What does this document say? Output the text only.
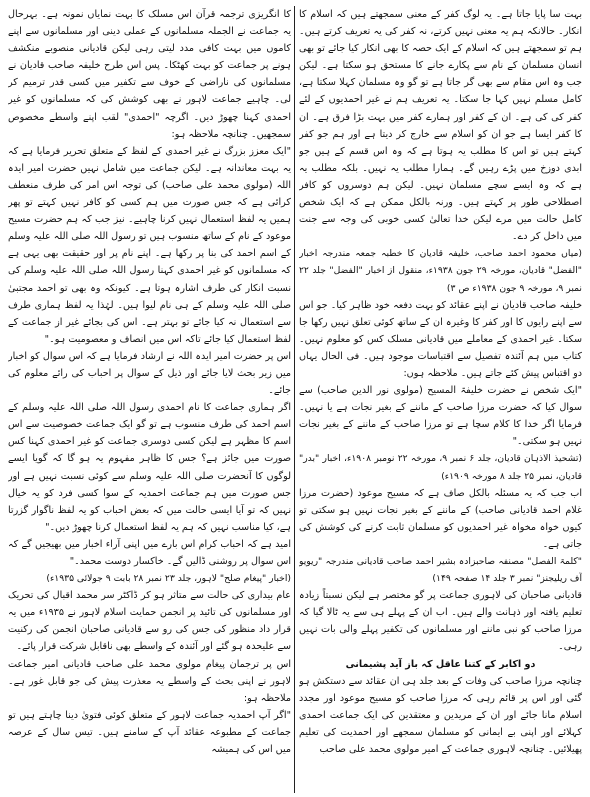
بہت سا پایا جاتا ہے۔ یہ لوگ کفر کے معنی سمجھتے ہیں کہ اسلام کا انکار۔ حالانکہ ہم یہ معنی نہیں کرتے، نہ کفر کی یہ تعریف کرتے ہیں۔ ہم تو سمجھتے ہیں کہ اسلام کے ایک حصہ کا بھی انکار کیا جائے تو بھی انسان مسلمان کے نام سے پکارے جانے کا مستحق ہو سکتا ہے۔ لیکن جب وہ اس مقام سے بھی گر جاتا ہے تو گو وہ مسلمان کہلا سکتا ہے، کامل مسلم نہیں کہا جا سکتا۔ یہ تعریف ہم نے غیر احمدیوں کے لئے کفر کی کی ہے۔ ان کے کفر اور ہمارے کفر میں بہت بڑا فرق ہے۔ ان کا کفر ایسا ہے جو ان کو اسلام سے خارج کر دیتا ہے اور ہم جو کفر کہتے ہیں تو اس کا مطلب یہ ہوتا ہے کہ وہ اس قسم کے ہیں جو ابدی دوزخ میں پڑے رہیں گے۔ ہمارا مطلب یہ نہیں۔ بلکہ مطلب یہ ہے کہ وہ ایسے سچے مسلمان نہیں۔ لیکن ہم دوسروں کو کافر اصطلاحی طور پر کہتے ہیں۔ ورنہ بالکل ممکن ہے کہ ایک شخص کامل حالت میں مرے لیکن خدا تعالیٰ کسی خوبی کی وجہ سے جنت میں داخل کر دے۔

(میاں محمود احمد صاحب، خلیفہ قادیان کا خطبہ جمعہ مندرجہ اخبار "الفضل" قادیان، مورخہ ۲۹ جون ۱۹۳۸ء، منقول از اخبار "الفضل" جلد ۲۲ نمبر ۹، مورخہ ۹ جون ۱۹۳۸ء ص ۳)

خلیفہ صاحب قادیان نے اپنے عقائد کو بہت دفعہ خود ظاہر کیا۔ جو اس سے اپنے رایوں کا اور کفر کا وغیرہ ان کے ساتھ کوئی تعلق نہیں رکھا جا سکتا۔ غیر احمدی کے معاملے میں قادیانی مسلک کس کو معلوم نہیں۔ کتاب میں ہم آئندہ تفصیل سے اقتباسات موجود ہیں۔ فی الحال یہاں دو اقتباس پیش کئے جاتے ہیں۔ ملاحظہ ہوں:

"ایک شخص نے حضرت خلیفۃ المسیح (مولوی نور الدین صاحب) سے سوال کیا کہ حضرت مرزا صاحب کے ماننے کے بغیر نجات ہے یا نہیں۔ فرمایا اگر خدا کا کلام سچا ہے تو مرزا صاحب کے ماننے کے بغیر نجات نہیں ہو سکتی۔"

(تشحیذ الاذہان قادیان، جلد ۶ نمبر ۹، مورخہ ۲۲ نومبر ۱۹۰۸ء، اخبار "بدر" قادیان، نمبر ۲۵ جلد ۸ مورخہ ۱۹۰۹ء)

اب جب کہ یہ مسئلہ بالکل صاف ہے کہ مسیح موعود (حضرت مرزا غلام احمد قادیانی صاحب) کے ماننے کے بغیر نجات نہیں ہو سکتی تو کیوں خواہ مخواہ غیر احمدیوں کو مسلمان ثابت کرنے کی کوشش کی جاتی ہے۔

"کلمۃ الفصل" مصنفہ صاحبزادہ بشیر احمد صاحب قادیانی مندرجہ "ریویو آف ریلیجنز" نمبر ۳ جلد ۱۴ صفحہ ۱۴۹)

قادیانی صاحبان کی لاہوری جماعت پر گو مختصر ہے لیکن نسبتاً زیادہ تعلیم یافتہ اور ذہانت والے ہیں۔ اب ان کے پہلے ہی سے یہ ٹالا گیا کہ مرزا صاحب کو نبی ماننے اور مسلمانوں کی تکفیر پہلے والی بات نہیں رہی۔

دو اکابر کے کتنا عاقل کہ باز آید پشیمانی

چنانچہ مرزا صاحب کی وفات کے بعد جلد ہی ان عقائد سے دستکش ہو گئی اور اس پر قائم رہی کہ مرزا صاحب کو مسیح موعود اور مجدد اسلام مانا جائے اور ان کے مریدین و معتقدین کی ایک جماعت احمدی کہلائے اور اپنی بے ایمانی کو مسلمان سمجھے اور احمدیت کی تعلیم پھیلائیں۔ چنانچہ لاہوری جماعت کے امیر مولوی محمد علی صاحب

کا انگریزی ترجمہ قرآن اس مسلک کا بہت نمایاں نمونہ ہے۔ بہرحال یہ جماعت نے الجملہ مسلمانوں کے عملی دینی اور مسلمانوں سے اپنے کاموں میں بہت کافی مدد لیتی رہی لیکن قادیانی منصوبے منکشف ہونے پر جماعت کو بہت کھٹکا۔ پس اس طرح خلیفہ صاحب قادیان نے مسلمانوں کی ناراضی کے خوف سے تکفیر میں کسی قدر ترمیم کر لی۔ چاہیے جماعت لاہور نے بھی کوشش کی کہ مسلمانوں کو غیر احمدی کہنا چھوڑ دیں۔ اگرچہ "احمدی" لقب اپنے واسطے مخصوص سمجھیں۔ چنانچہ ملاحظہ ہو:

"ایک معزز بزرگ نے غیر احمدی کے لفظ کے متعلق تحریر فرمایا ہے کہ یہ بہت معاندانہ ہے۔ لیکن جماعت میں شامل نہیں حضرت امیر ایدہ اللہ (مولوی محمد علی صاحب) کی توجہ اس امر کی طرف منعطف کرائی ہے کہ جس صورت میں ہم کسی کو کافر نہیں کہتے تو پھر ہمیں یہ لفظ استعمال نہیں کرنا چاہیے۔ نیز جب کہ ہم حضرت مسیح موعود کے نام کے ساتھ منسوب ہیں تو رسول اللہ صلی اللہ علیہ وسلم کے اسم احمد کی بنا پر رکھا ہے۔ اپنے نام پر اور حقیقت بھی یہی ہے کہ مسلمانوں کو غیر احمدی کہنا رسول اللہ صلی اللہ علیہ وسلم کی نسبت انکار کی طرف اشارہ ہوتا ہے۔ کیونکہ وہ بھی تو احمد مجتبیٰ صلی اللہ علیہ وسلم کے ہی نام لیوا ہیں۔ لہٰذا یہ لفظ ہماری طرف سے استعمال نہ کیا جائے تو بہتر ہے۔ اس کی بجائے غیر از جماعت کے لفظ استعمال کیا جائے تاکہ اس میں انصاف و معصومیت ہو۔"

اس پر حضرت امیر ایدہ اللہ نے ارشاد فرمایا ہے کہ اس سوال کو اخبار میں زیر بحث لایا جائے اور ذیل کے سوال پر احباب کی رائے معلوم کی جائے۔

اگر ہماری جماعت کا نام احمدی رسول اللہ صلی اللہ علیہ وسلم کے اسم احمد کی طرف منسوب ہے تو گو ایک جماعت خصوصیت سے اس اسم کا مظہر ہے لیکن کسی دوسری جماعت کو غیر احمدی کہنا کس صورت میں جائز ہے؟ جس کا ظاہر مفہوم یہ ہو گا کہ گویا ایسے لوگوں کا آنحضرت صلی اللہ علیہ وسلم سے کوئی نسبت نہیں ہے اور جس صورت میں ہم جماعت احمدیہ کے سوا کسی فرد کو یہ خیال نہیں کہ تو آیا ایسی حالت میں کہ بعض احباب کو یہ لفظ ناگوار گزرتا ہے، کیا مناسب نہیں کہ ہم یہ لفظ استعمال کرنا چھوڑ دیں۔"

امید ہے کہ احباب کرام اس بارے میں اپنی آراء اخبار میں بھیجیں گے کہ اس سوال پر روشنی ڈالیں گے۔ خاکسار دوست محمد۔"

(اخبار "پیغام صلح" لاہور، جلد ۲۳ نمبر ۲۸ بابت ۹ جولائی ۱۹۳۵ء)

عام بیداری کی حالت سے متاثر ہو کر ڈاکٹر سر محمد اقبال کی تحریک اور مسلمانوں کی تائید پر انجمن حمایت اسلام لاہور نے ۱۹۳۵ء میں یہ قرار داد منظور کی جس کی رو سے قادیانی صاحبان انجمن کی رکنیت سے علیحدہ ہو گئے اور آئندہ کے واسطے بھی ناقابل شرکت قرار پائے۔

اس پر ترجمان پیغام مولوی محمد علی صاحب قادیانی امیر جماعت لاہور نے اپنی بحث کے واسطے یہ معذرت پیش کی جو قابل غور ہے۔ ملاحظہ ہو:

"اگر آپ احمدیہ جماعت لاہور کے متعلق کوئی فتویٰ دینا چاہتے ہیں تو جماعت کے مطبوعہ عقائد آپ کے سامنے ہیں۔ تیس سال کے عرصہ میں اس کی ہمیشہ
